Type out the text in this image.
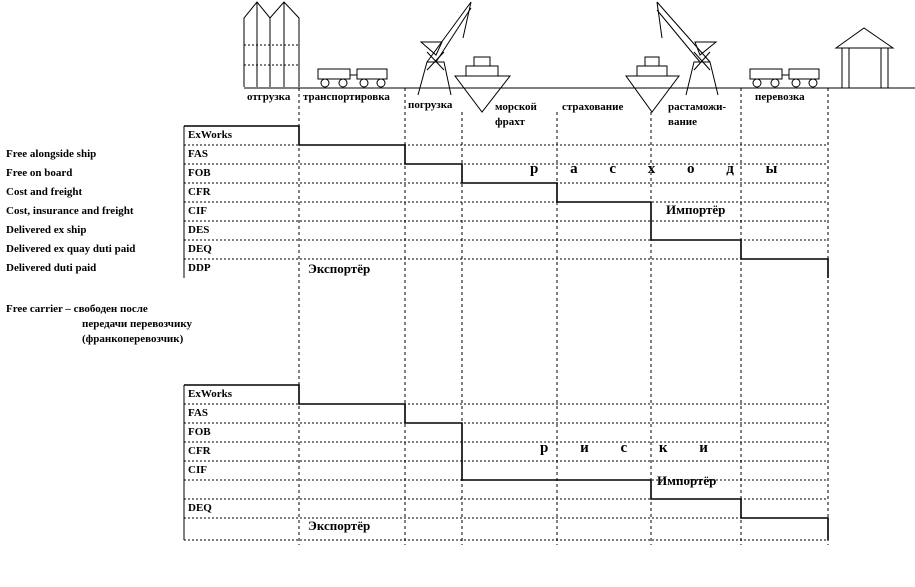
отгрузка транспортировка
погрузка	морской фрахт
страхование	растаможи-вание
перевозка
Free alongside ship
Free on board
Cost and freight
Cost, insurance and freight
Delivered ex ship
Delivered ex quay duti paid
Delivered duti paid
ExWorks
FAS
FOB
CFR
CIF
DES
DEQ
DDP
р а с х о д ы
Импортёр
Экспортёр
Free carrier – свободен после
передачи перевозчику
(франкоперевозчик)
ExWorks
FAS
FOB
CFR
CIF
DEQ
р и с к и
Импортёр
Экспортёр
